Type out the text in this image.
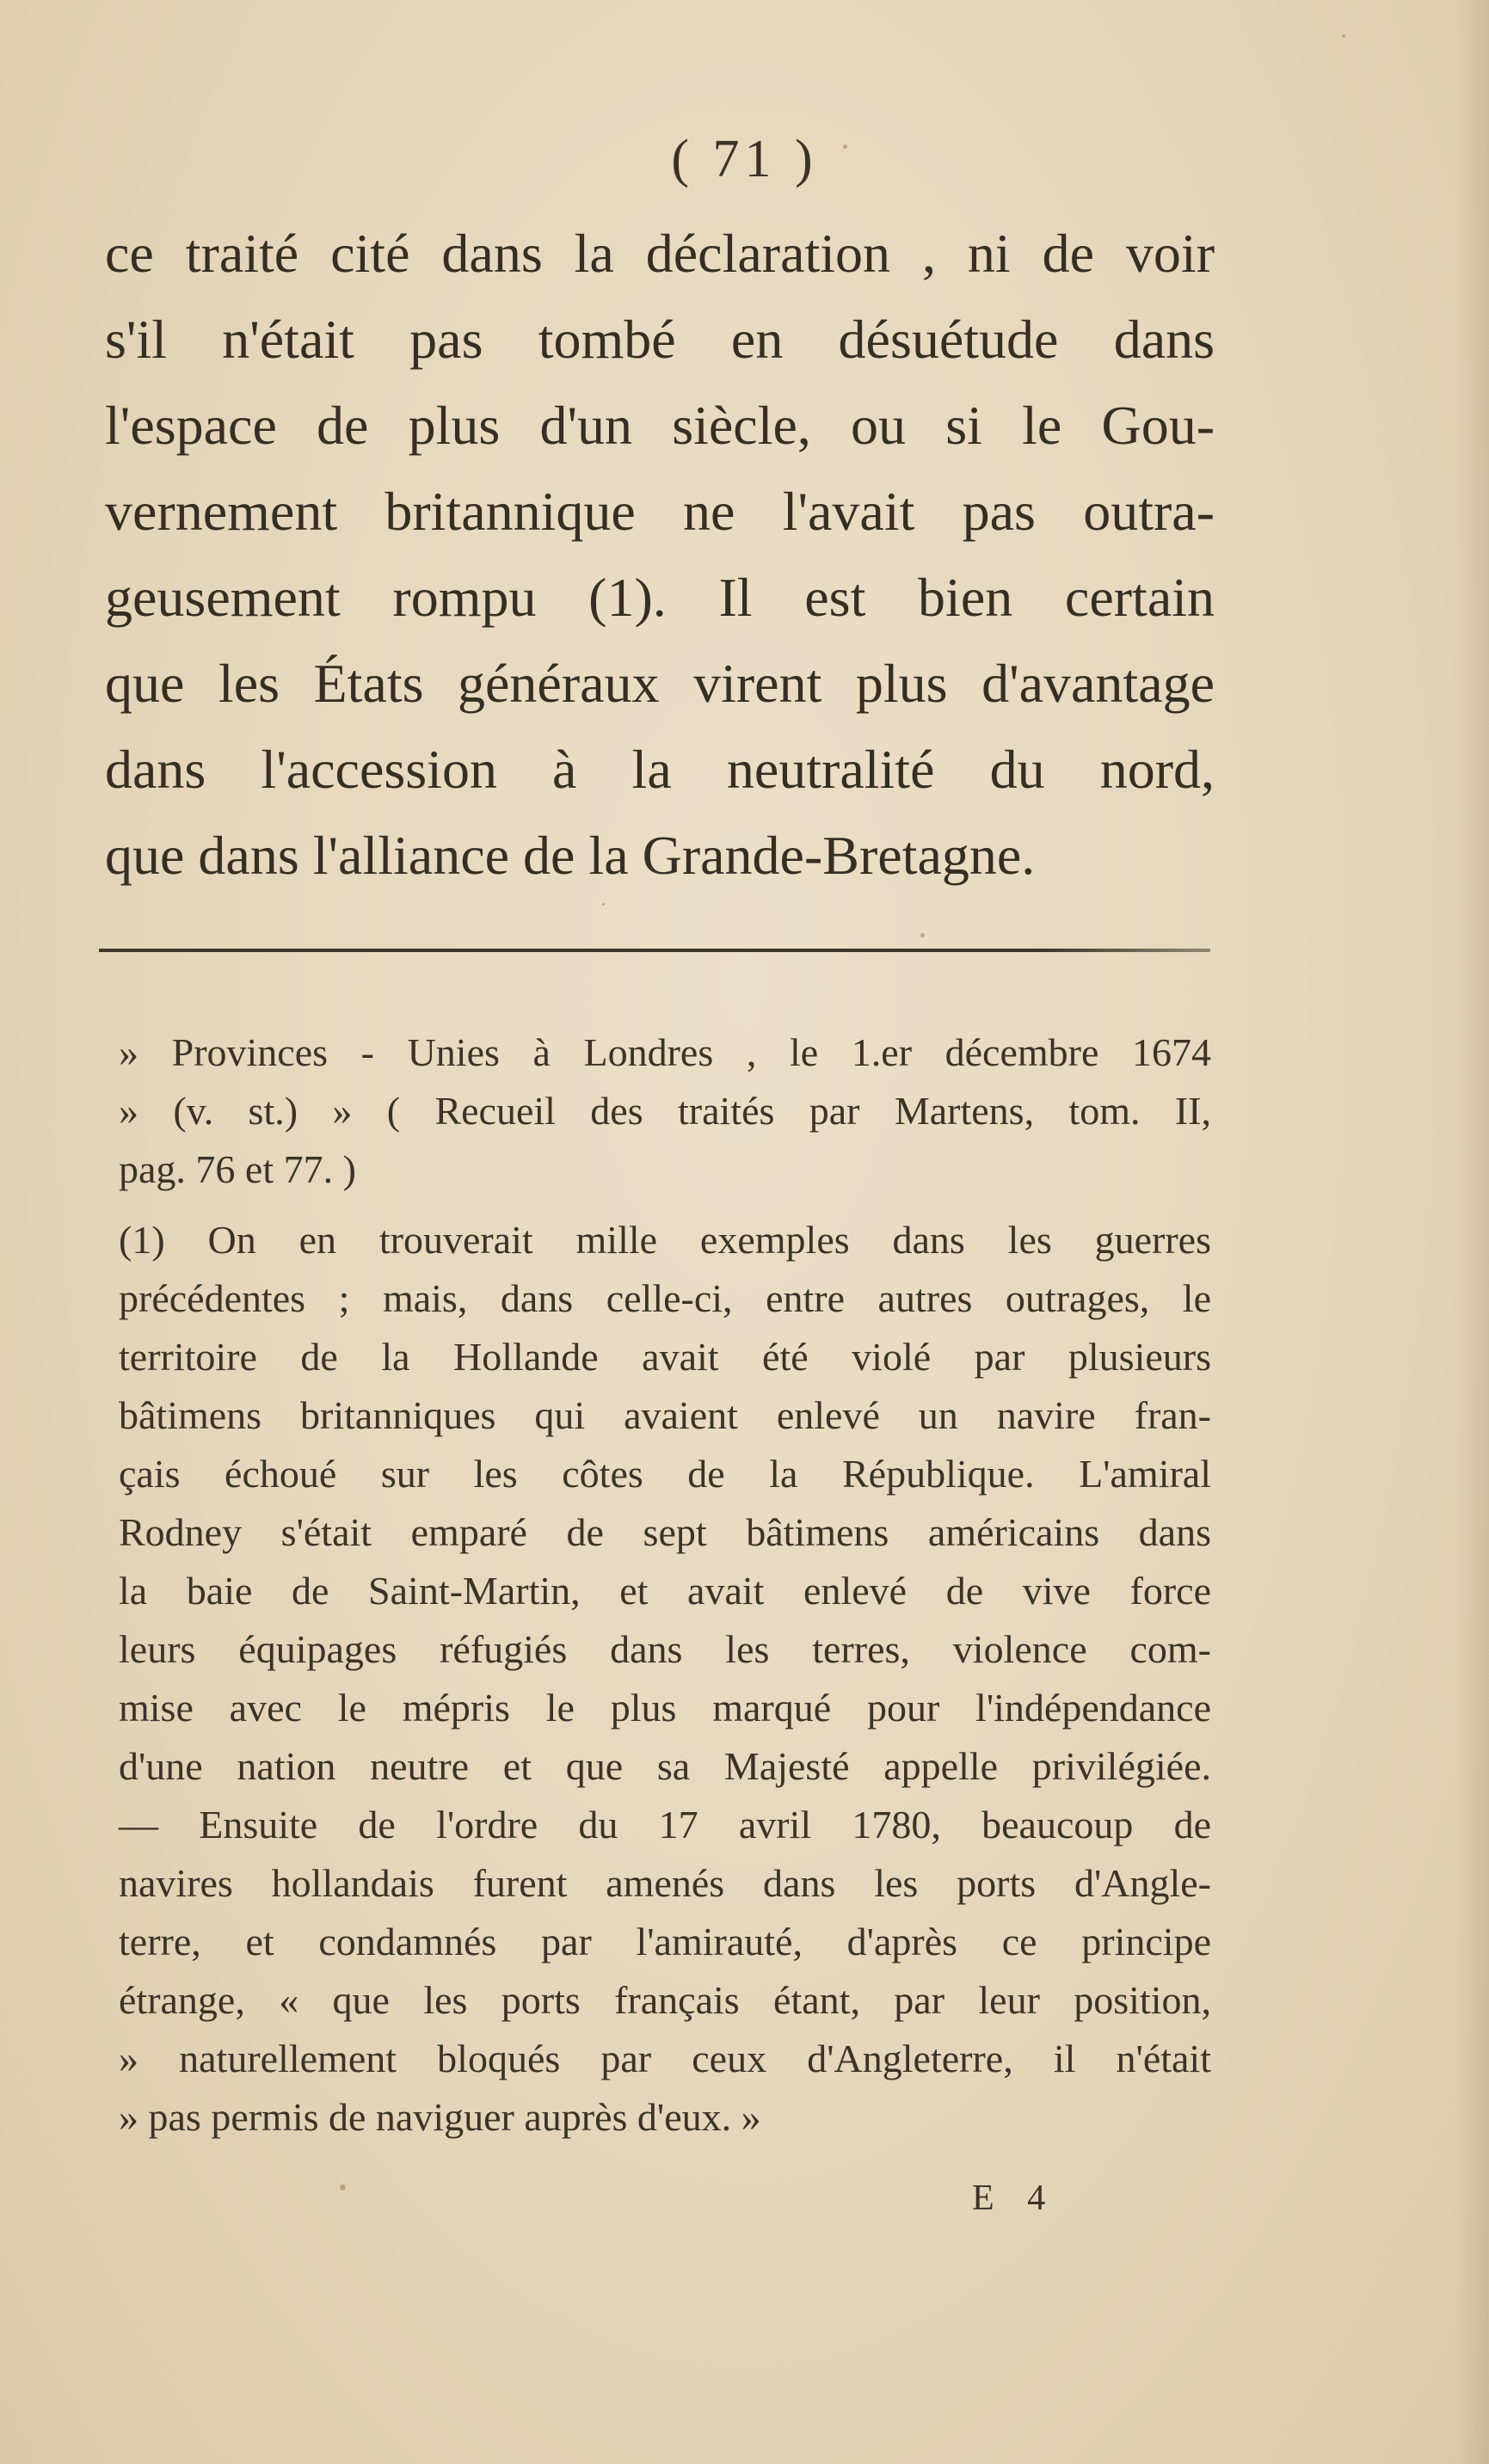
( 71 )
ce traité cité dans la déclaration , ni de voir
s'il n'était pas tombé en désuétude dans
l'espace de plus d'un siècle, ou si le Gou-
vernement britannique ne l'avait pas outra-
geusement rompu (1). Il est bien certain
que les États généraux virent plus d'avantage
dans l'accession à la neutralité du nord,
que dans l'alliance de la Grande-Bretagne.
» Provinces - Unies à Londres , le 1.er décembre 1674
» (v. st.) » ( Recueil des traités par Martens, tom. II,
pag. 76 et 77. )
(1) On en trouverait mille exemples dans les guerres
précédentes ; mais, dans celle-ci, entre autres outrages, le
territoire de la Hollande avait été violé par plusieurs
bâtimens britanniques qui avaient enlevé un navire fran-
çais échoué sur les côtes de la République. L'amiral
Rodney s'était emparé de sept bâtimens américains dans
la baie de Saint-Martin, et avait enlevé de vive force
leurs équipages réfugiés dans les terres, violence com-
mise avec le mépris le plus marqué pour l'indépendance
d'une nation neutre et que sa Majesté appelle privilégiée.
— Ensuite de l'ordre du 17 avril 1780, beaucoup de
navires hollandais furent amenés dans les ports d'Angle-
terre, et condamnés par l'amirauté, d'après ce principe
étrange, « que les ports français étant, par leur position,
» naturellement bloqués par ceux d'Angleterre, il n'était
» pas permis de naviguer auprès d'eux. »
E 4
